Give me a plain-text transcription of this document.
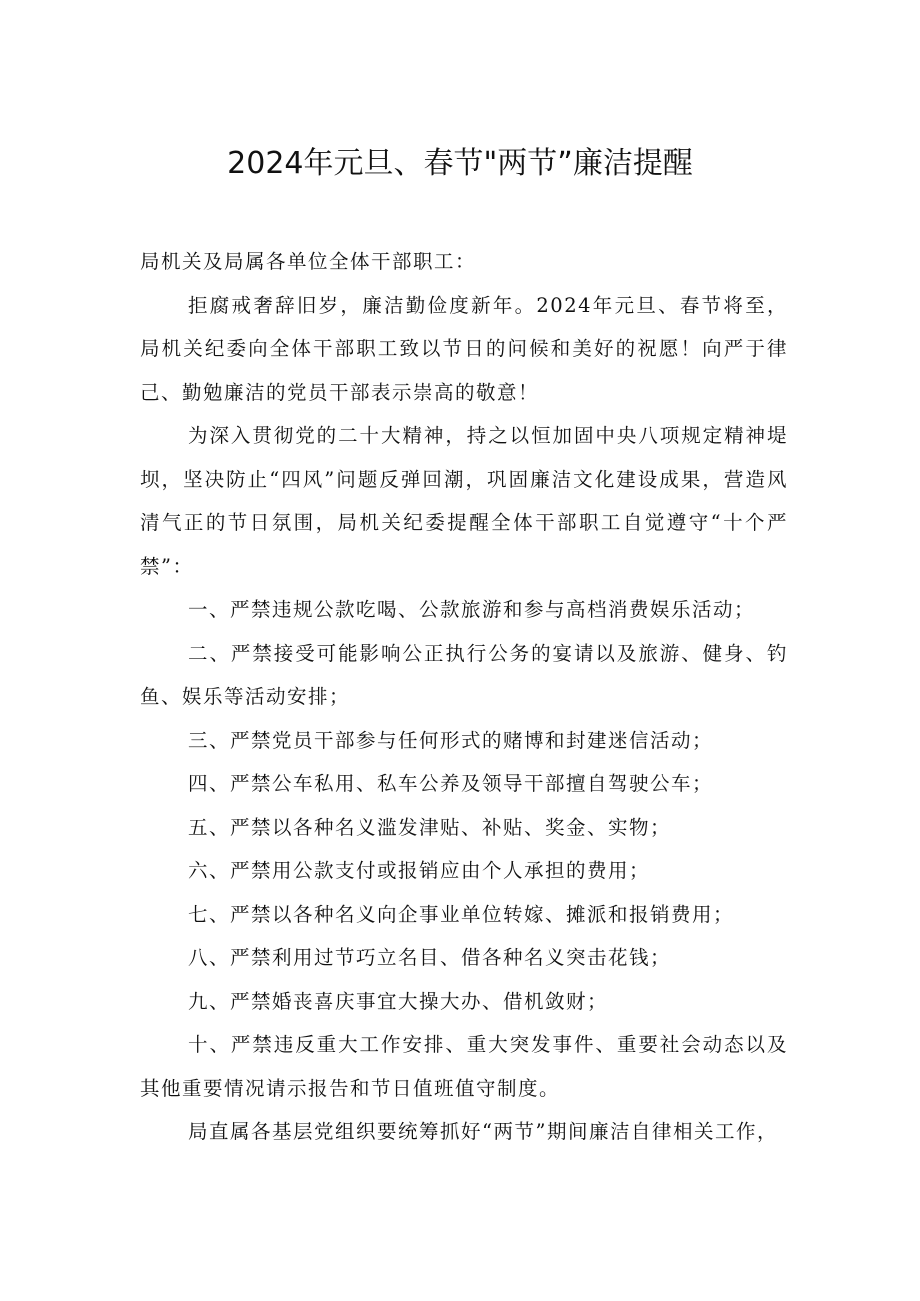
2024年元旦、春节"两节”廉洁提醒

局机关及局属各单位全体干部职工：

拒腐戒奢辞旧岁，廉洁勤俭度新年。2024年元旦、春节将至，局机关纪委向全体干部职工致以节日的问候和美好的祝愿！向严于律己、勤勉廉洁的党员干部表示崇高的敬意！

为深入贯彻党的二十大精神，持之以恒加固中央八项规定精神堤坝，坚决防止“四风”问题反弹回潮，巩固廉洁文化建设成果，营造风清气正的节日氛围，局机关纪委提醒全体干部职工自觉遵守“十个严禁”：

一、严禁违规公款吃喝、公款旅游和参与高档消费娱乐活动；

二、严禁接受可能影响公正执行公务的宴请以及旅游、健身、钓鱼、娱乐等活动安排；

三、严禁党员干部参与任何形式的赌博和封建迷信活动；

四、严禁公车私用、私车公养及领导干部擅自驾驶公车；

五、严禁以各种名义滥发津贴、补贴、奖金、实物；

六、严禁用公款支付或报销应由个人承担的费用；

七、严禁以各种名义向企事业单位转嫁、摊派和报销费用；

八、严禁利用过节巧立名目、借各种名义突击花钱；

九、严禁婚丧喜庆事宜大操大办、借机敛财；

十、严禁违反重大工作安排、重大突发事件、重要社会动态以及其他重要情况请示报告和节日值班值守制度。

局直属各基层党组织要统筹抓好“两节”期间廉洁自律相关工作，
